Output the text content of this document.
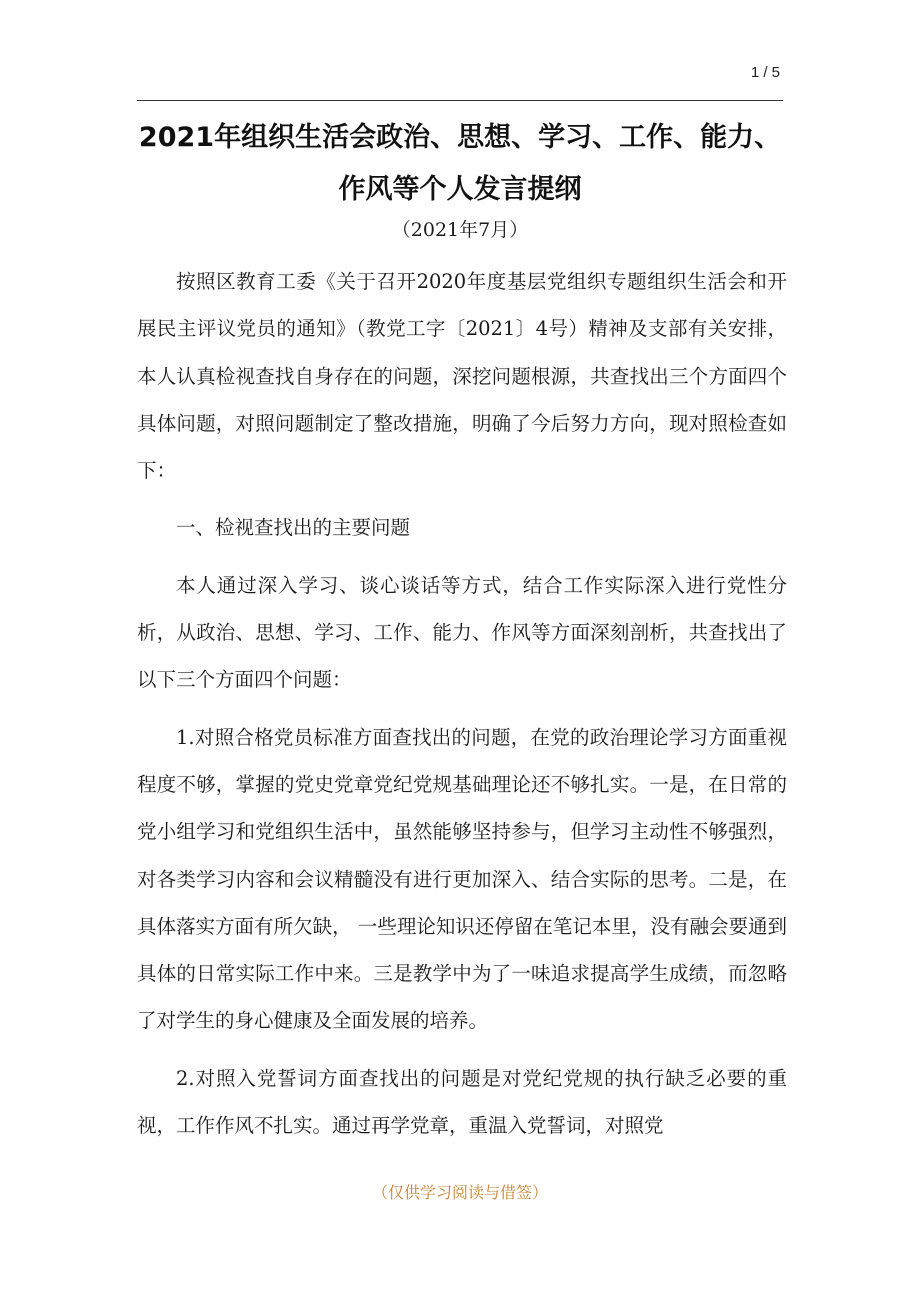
1 / 5
2021年组织生活会政治、思想、学习、工作、能力、
作风等个人发言提纲
（2021年7月）

按照区教育工委《关于召开2020年度基层党组织专题组织生活会和开展民主评议党员的通知》（教党工字〔2021〕4号）精神及支部有关安排，本人认真检视查找自身存在的问题，深挖问题根源，共查找出三个方面四个具体问题，对照问题制定了整改措施，明确了今后努力方向，现对照检查如下：

一、检视查找出的主要问题

本人通过深入学习、谈心谈话等方式，结合工作实际深入进行党性分析，从政治、思想、学习、工作、能力、作风等方面深刻剖析，共查找出了以下三个方面四个问题：

1.对照合格党员标准方面查找出的问题，在党的政治理论学习方面重视程度不够，掌握的党史党章党纪党规基础理论还不够扎实。一是，在日常的党小组学习和党组织生活中，虽然能够坚持参与，但学习主动性不够强烈，对各类学习内容和会议精髓没有进行更加深入、结合实际的思考。二是，在具体落实方面有所欠缺， 一些理论知识还停留在笔记本里，没有融会要通到具体的日常实际工作中来。三是教学中为了一味追求提高学生成绩，而忽略了对学生的身心健康及全面发展的培养。

2.对照入党誓词方面查找出的问题是对党纪党规的执行缺乏必要的重视，工作作风不扎实。通过再学党章，重温入党誓词，对照党

（仅供学习阅读与借签）
